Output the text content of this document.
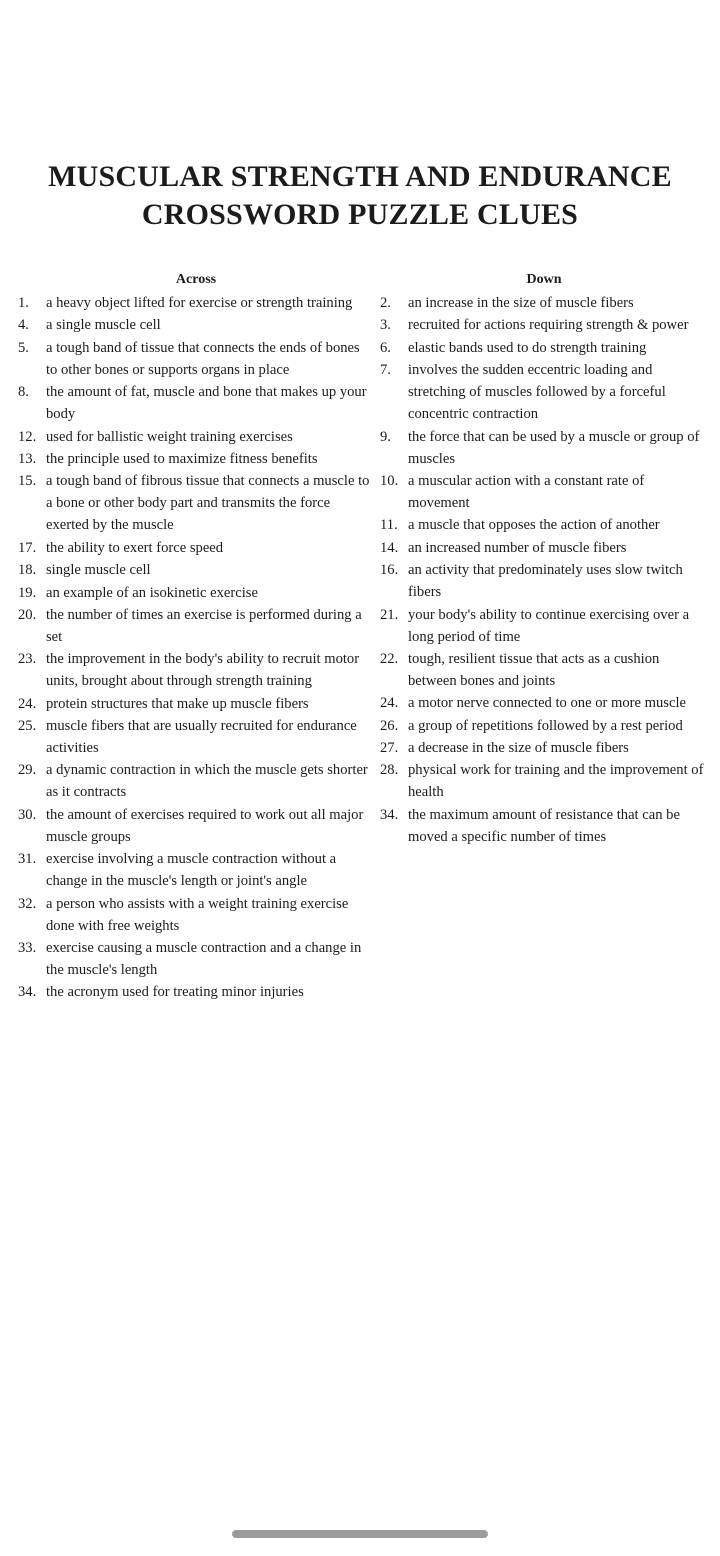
MUSCULAR STRENGTH AND ENDURANCE
CROSSWORD PUZZLE CLUES
Across
1.	a heavy object lifted for exercise or strength training
4.	a single muscle cell
5.	a tough band of tissue that connects the ends of bones to other bones or supports organs in place
8.	the amount of fat, muscle and bone that makes up your body
12. used for ballistic weight training exercises
13. the principle used to maximize fitness benefits
15. a tough band of fibrous tissue that connects a muscle to a bone or other body part and transmits the force exerted by the muscle
17. the ability to exert force speed
18. single muscle cell
19. an example of an isokinetic exercise
20. the number of times an exercise is performed during a set
23. the improvement in the body's ability to recruit motor units, brought about through strength training
24. protein structures that make up muscle fibers
25. muscle fibers that are usually recruited for endurance activities
29. a dynamic contraction in which the muscle gets shorter as it contracts
30. the amount of exercises required to work out all major muscle groups
31. exercise involving a muscle contraction without a change in the muscle's length or joint's angle
32. a person who assists with a weight training exercise done with free weights
33. exercise causing a muscle contraction and a change in the muscle's length
34. the acronym used for treating minor injuries
Down
2.	an increase in the size of muscle fibers
3.	recruited for actions requiring strength & power
6.	elastic bands used to do strength training
7.	involves the sudden eccentric loading and stretching of muscles followed by a forceful concentric contraction
9.	the force that can be used by a muscle or group of muscles
10. a muscular action with a constant rate of movement
11. a muscle that opposes the action of another
14. an increased number of muscle fibers
16. an activity that predominately uses slow twitch fibers
21. your body's ability to continue exercising over a long period of time
22. tough, resilient tissue that acts as a cushion between bones and joints
24. a motor nerve connected to one or more muscle
26. a group of repetitions followed by a rest period
27. a decrease in the size of muscle fibers
28. physical work for training and the improvement of health
34. the maximum amount of resistance that can be moved a specific number of times
